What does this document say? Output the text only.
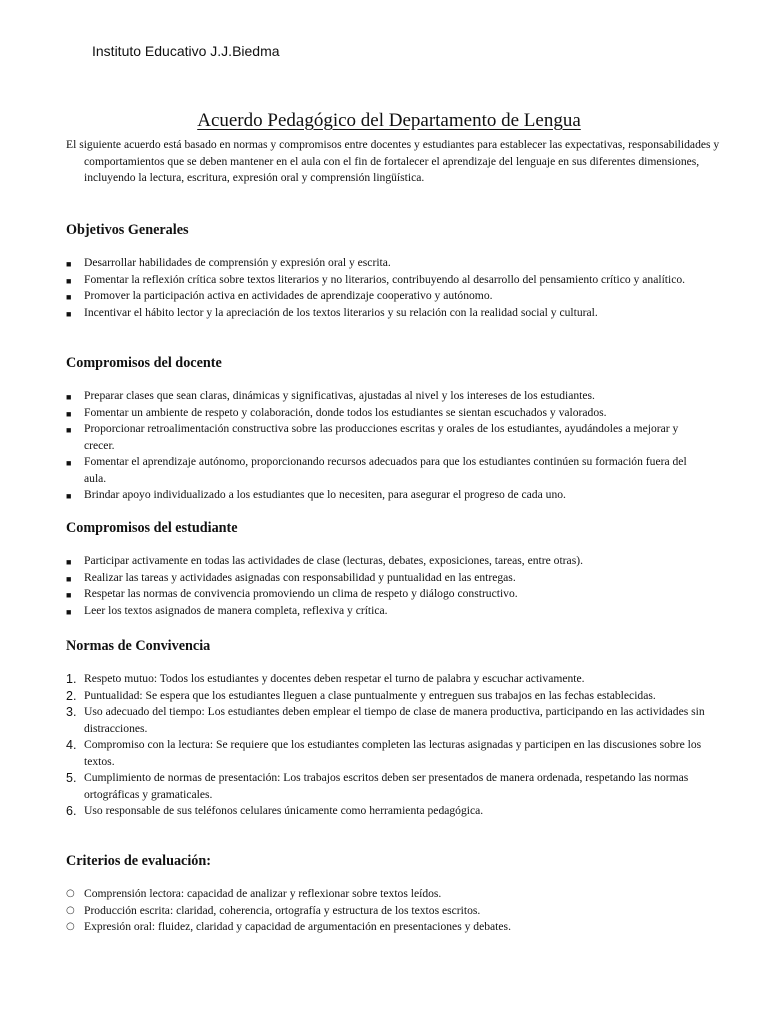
Instituto Educativo J.J.Biedma
Acuerdo Pedagógico del Departamento de Lengua

El siguiente acuerdo está basado en normas y compromisos entre docentes y estudiantes para establecer las expectativas, responsabilidades y comportamientos que se deben mantener en el aula con el fin de fortalecer el aprendizaje del lenguaje en sus diferentes dimensiones, incluyendo la lectura, escritura, expresión oral y comprensión lingüística.

Objetivos Generales
■	Desarrollar habilidades de comprensión y expresión oral y escrita.
■	Fomentar la reflexión crítica sobre textos literarios y no literarios, contribuyendo al desarrollo del pensamiento crítico y analítico.
■	Promover la participación activa en actividades de aprendizaje cooperativo y autónomo.
■	Incentivar el hábito lector y la apreciación de los textos literarios y su relación con la realidad social y cultural.
Compromisos del docente
■	Preparar clases que sean claras, dinámicas y significativas, ajustadas al nivel y los intereses de los estudiantes.
■	Fomentar un ambiente de respeto y colaboración, donde todos los estudiantes se sientan escuchados y valorados.
■	Proporcionar retroalimentación constructiva sobre las producciones escritas y orales de los estudiantes, ayudándoles a mejorar y crecer.
■	Fomentar el aprendizaje autónomo, proporcionando recursos adecuados para que los estudiantes continúen su formación fuera del aula.
■	Brindar apoyo individualizado a los estudiantes que lo necesiten, para asegurar el progreso de cada uno.
Compromisos del estudiante
■	Participar activamente en todas las actividades de clase (lecturas, debates, exposiciones, tareas, entre otras).
■	Realizar las tareas y actividades asignadas con responsabilidad y puntualidad en las entregas.
■	Respetar las normas de convivencia promoviendo un clima de respeto y diálogo constructivo.
■	Leer los textos asignados de manera completa, reflexiva y crítica.
Normas de Convivencia
1. Respeto mutuo: Todos los estudiantes y docentes deben respetar el turno de palabra y escuchar activamente.
2. Puntualidad: Se espera que los estudiantes lleguen a clase puntualmente y entreguen sus trabajos en las fechas establecidas.
3. Uso adecuado del tiempo: Los estudiantes deben emplear el tiempo de clase de manera productiva, participando en las actividades sin distracciones.
4. Compromiso con la lectura: Se requiere que los estudiantes completen las lecturas asignadas y participen en las discusiones sobre los textos.
5. Cumplimiento de normas de presentación: Los trabajos escritos deben ser presentados de manera ordenada, respetando las normas ortográficas y gramaticales.
6. Uso responsable de sus teléfonos celulares únicamente como herramienta pedagógica.
Criterios de evaluación:
○ Comprensión lectora: capacidad de analizar y reflexionar sobre textos leídos.
○ Producción escrita: claridad, coherencia, ortografía y estructura de los textos escritos.
○ Expresión oral: fluidez, claridad y capacidad de argumentación en presentaciones y debates.
